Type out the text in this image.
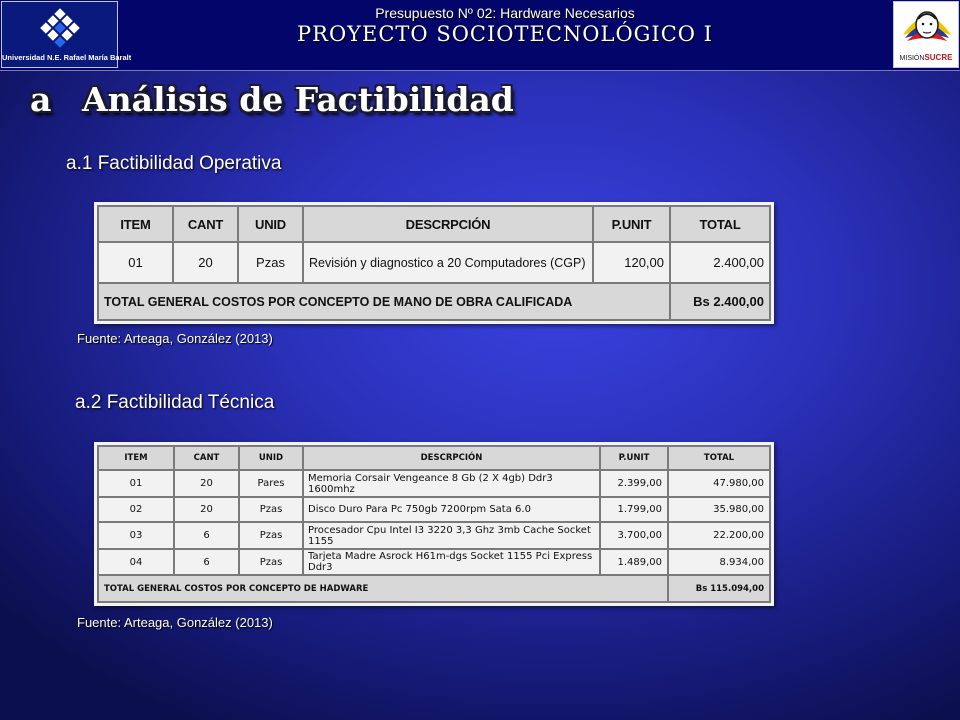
Universidad N.E. Rafael María Baralt
Presupuesto Nº 02: Hardware Necesarios
PROYECTO SOCIOTECNOLÓGICO I
MISIÓNSUCRE
a Análisis de Factibilidad
a.1 Factibilidad Operativa
ITEM	CANT	UNID	DESCRPCIÓN	P.UNIT	TOTAL
01	20	Pzas	Revisión y diagnostico a 20 Computadores (CGP)	120,00	2.400,00
TOTAL GENERAL COSTOS POR CONCEPTO DE MANO DE OBRA CALIFICADA					Bs 2.400,00
Fuente: Arteaga, González (2013)
a.2 Factibilidad Técnica
ITEM	CANT	UNID	DESCRPCIÓN	P.UNIT	TOTAL
01	20	Pares	Memoria Corsair Vengeance 8 Gb (2 X 4gb) Ddr3 1600mhz	2.399,00	47.980,00
02	20	Pzas	Disco Duro Para Pc 750gb 7200rpm Sata 6.0	1.799,00	35.980,00
03	6	Pzas	Procesador Cpu Intel I3 3220 3,3 Ghz 3mb Cache Socket 1155	3.700,00	22.200,00
04	6	Pzas	Tarjeta Madre Asrock H61m-dgs Socket 1155 Pci Express Ddr3	1.489,00	8.934,00
TOTAL GENERAL COSTOS POR CONCEPTO DE HADWARE					Bs 115.094,00
Fuente: Arteaga, González (2013)
